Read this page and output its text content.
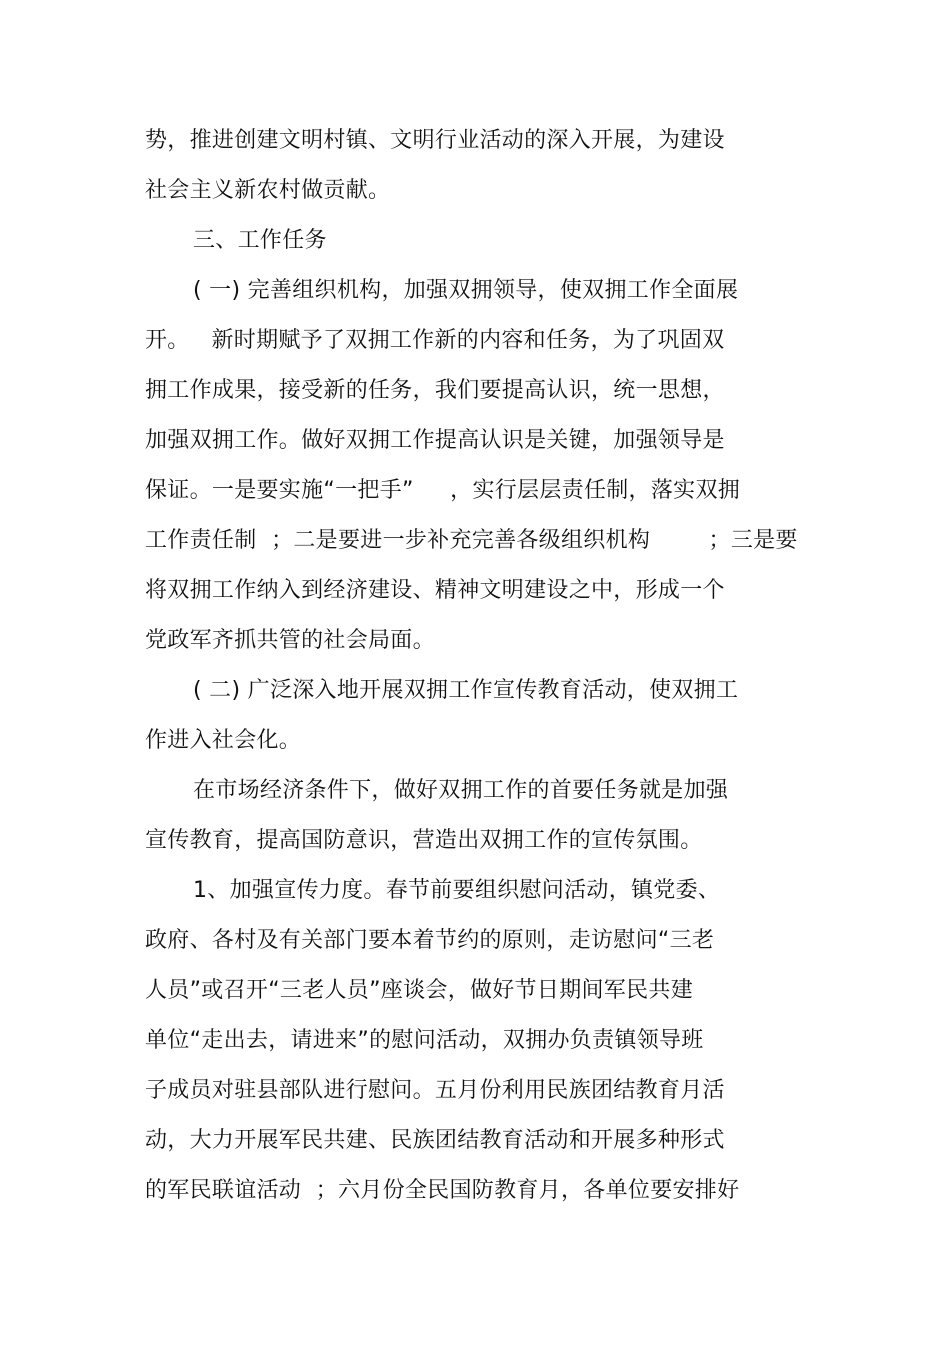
势，推进创建文明村镇、文明行业活动的深入开展，为建设
社会主义新农村做贡献。
三、工作任务
( 一) 完善组织机构，加强双拥领导，使双拥工作全面展
开。   新时期赋予了双拥工作新的内容和任务，为了巩固双
拥工作成果，接受新的任务，我们要提高认识，统一思想，
加强双拥工作。做好双拥工作提高认识是关键，加强领导是
保证。一是要实施“一把手”     ，实行层层责任制，落实双拥
工作责任制  ；二是要进一步补充完善各级组织机构        ；三是要
将双拥工作纳入到经济建设、精神文明建设之中，形成一个
党政军齐抓共管的社会局面。
( 二) 广泛深入地开展双拥工作宣传教育活动，使双拥工
作进入社会化。
在市场经济条件下，做好双拥工作的首要任务就是加强
宣传教育，提高国防意识，营造出双拥工作的宣传氛围。
1、加强宣传力度。春节前要组织慰问活动，镇党委、
政府、各村及有关部门要本着节约的原则，走访慰问“三老
人员”或召开“三老人员”座谈会，做好节日期间军民共建
单位“走出去，请进来”的慰问活动，双拥办负责镇领导班
子成员对驻县部队进行慰问。五月份利用民族团结教育月活
动，大力开展军民共建、民族团结教育活动和开展多种形式
的军民联谊活动  ；六月份全民国防教育月，各单位要安排好
